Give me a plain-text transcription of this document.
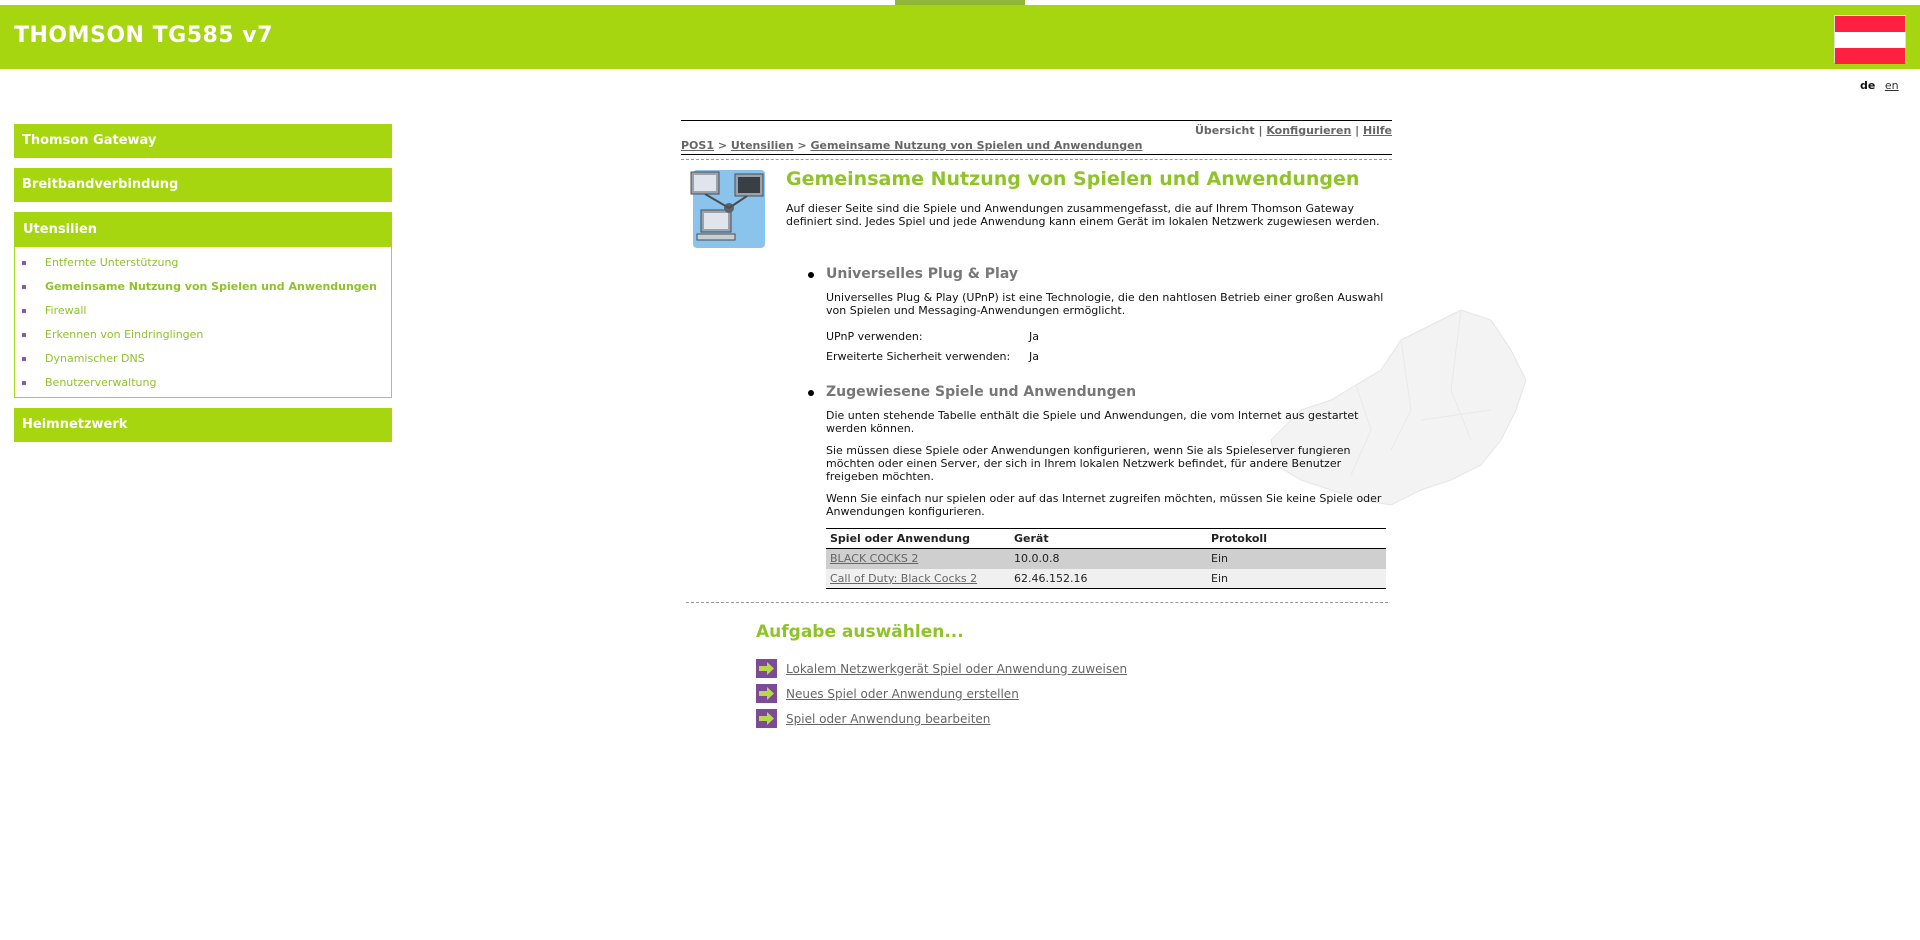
THOMSON TG585 v7
de en
Thomson Gateway
Breitbandverbindung
Utensilien
Entfernte Unterstützung
Gemeinsame Nutzung von Spielen und Anwendungen
Firewall
Erkennen von Eindringlingen
Dynamischer DNS
Benutzerverwaltung
Heimnetzwerk
Übersicht | Konfigurieren | Hilfe
POS1 > Utensilien > Gemeinsame Nutzung von Spielen und Anwendungen
Gemeinsame Nutzung von Spielen und Anwendungen
Auf dieser Seite sind die Spiele und Anwendungen zusammengefasst, die auf Ihrem Thomson Gateway definiert sind. Jedes Spiel und jede Anwendung kann einem Gerät im lokalen Netzwerk zugewiesen werden.
Universelles Plug & Play

Universelles Plug & Play (UPnP) ist eine Technologie, die den nahtlosen Betrieb einer großen Auswahl von Spielen und Messaging-Anwendungen ermöglicht.

UPnP verwenden:	Ja
Erweiterte Sicherheit verwenden: Ja
Zugewiesene Spiele und Anwendungen

Die unten stehende Tabelle enthält die Spiele und Anwendungen, die vom Internet aus gestartet werden können.

Sie müssen diese Spiele oder Anwendungen konfigurieren, wenn Sie als Spieleserver fungieren möchten oder einen Server, der sich in Ihrem lokalen Netzwerk befindet, für andere Benutzer freigeben möchten.

Wenn Sie einfach nur spielen oder auf das Internet zugreifen möchten, müssen Sie keine Spiele oder Anwendungen konfigurieren.

Spiel oder Anwendung	Gerät	Protokoll
BLACK COCKS 2	10.0.0.8	Ein
Call of Duty: Black Cocks 2	62.46.152.16	Ein
Aufgabe auswählen...
Lokalem Netzwerkgerät Spiel oder Anwendung zuweisen
Neues Spiel oder Anwendung erstellen
Spiel oder Anwendung bearbeiten
